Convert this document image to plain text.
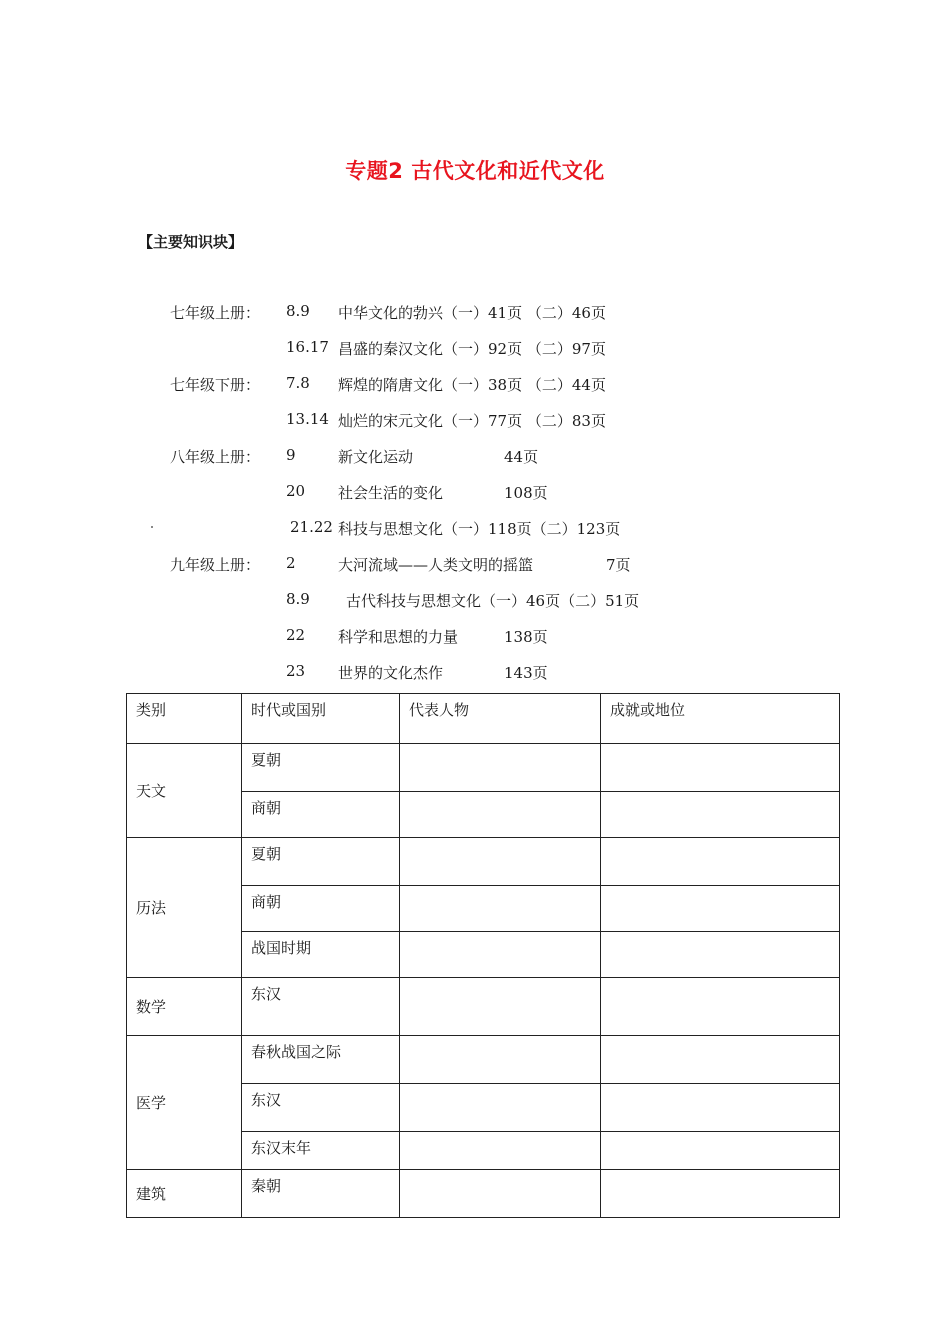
专题2 古代文化和近代文化
【主要知识块】
七年级上册： 8.9 中华文化的勃兴（一）41页 （二）46页
16.17 昌盛的秦汉文化（一）92页 （二）97页
七年级下册： 7.8 辉煌的隋唐文化（一）38页 （二）44页
13.14 灿烂的宋元文化（一）77页 （二）83页
八年级上册： 9	新文化运动	44页
20 社会生活的变化	108页
21.22 科技与思想文化（一）118页（二）123页
九年级上册： 2	大河流域——人类文明的摇篮	7页
8.9 古代科技与思想文化（一）46页（二）51页
22 科学和思想的力量	138页
23 世界的文化杰作	143页
类别	时代或国别	代表人物	成就或地位
天文	夏朝		
	商朝		
历法	夏朝		
	商朝		
	战国时期		
数学	东汉		
医学	春秋战国之际		
	东汉		
	东汉末年		
建筑	秦朝		
